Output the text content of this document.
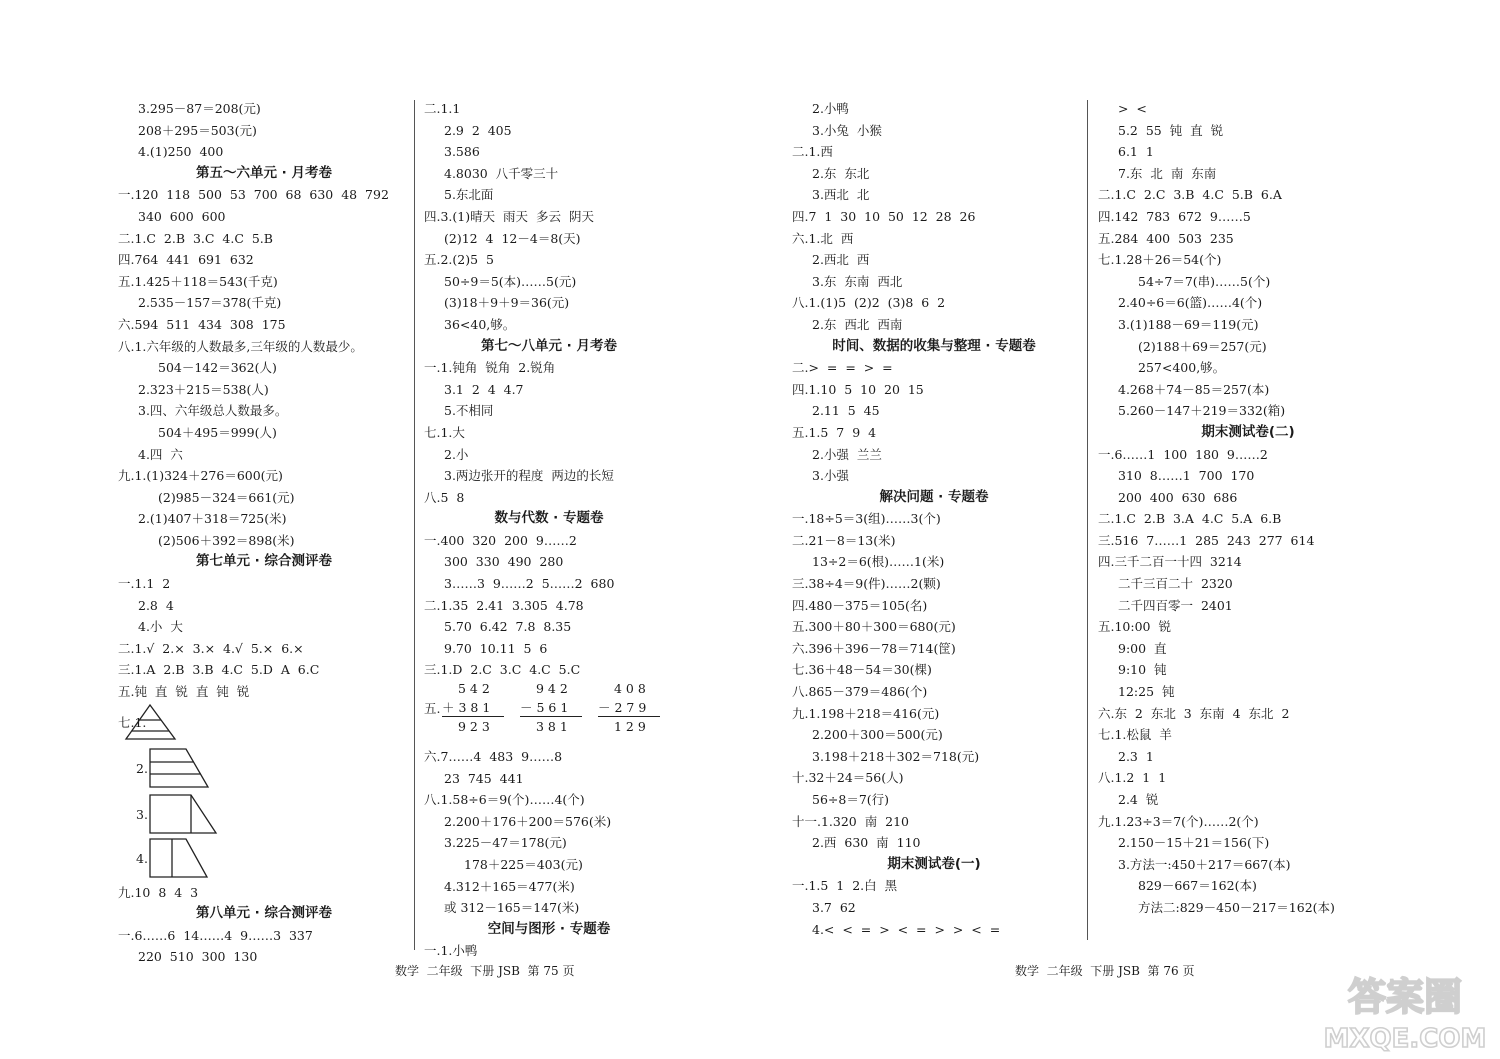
3.295－87＝208(元)
208＋295＝503(元)
4.(1)250  400
第五～六单元 · 月考卷
一.120  118  500  53  700  68  630  48  792
340  600  600
二.1.C  2.B  3.C  4.C  5.B
四.764  441  691  632
五.1.425＋118＝543(千克)
2.535－157＝378(千克)
六.594  511  434  308  175
八.1.六年级的人数最多,三年级的人数最少。
504－142＝362(人)
2.323＋215＝538(人)
3.四、六年级总人数最多。
504＋495＝999(人)
4.四  六
九.1.(1)324＋276＝600(元)
(2)985－324＝661(元)
2.(1)407＋318＝725(米)
(2)506＋392＝898(米)
第七单元 · 综合测评卷
一.1.1  2
2.8  4
4.小  大
二.1.√  2.×  3.×  4.√  5.×  6.×
三.1.A  2.B  3.B  4.C  5.D  A  6.C
五.钝  直  锐  直  钝  锐
七.1.
2.
3.
4.
九.10  8  4  3
第八单元 · 综合测评卷
一.6……6  14……4  9……3  337
220  510  300  130
二.1.1
2.9  2  405
3.586
4.8030  八千零三十
5.东北面
四.3.(1)晴天  雨天  多云  阴天
(2)12  4  12－4＝8(天)
五.2.(2)5  5
50÷9＝5(本)……5(元)
(3)18＋9＋9＝36(元)
36<40,够。
第七～八单元 · 月考卷
一.1.钝角  锐角  2.锐角
3.1  2  4  4.7
5.不相同
七.1.大
2.小
3.两边张开的程度  两边的长短
八.5  8
数与代数 · 专题卷
一.400  320  200  9……2
300  330  490  280
3……3  9……2  5……2  680
二.1.35  2.41  3.305  4.78
5.70  6.42  7.8  8.35
9.70  10.11  5  6
三.1.D  2.C  3.C  4.C  5.C
五.
5 4 2
＋ 3 8 1
9 2 3
9 4 2
－ 5 6 1
3 8 1
4 0 8
－ 2 7 9
1 2 9
六.7……4  483  9……8
23  745  441
八.1.58÷6＝9(个)……4(个)
2.200＋176＋200＝576(米)
3.225－47＝178(元)
178＋225＝403(元)
4.312＋165＝477(米)
或 312－165＝147(米)
空间与图形 · 专题卷
一.1.小鸭
2.小鸭
3.小兔  小猴
二.1.西
2.东  东北
3.西北  北
四.7  1  30  10  50  12  28  26
六.1.北  西
2.西北  西
3.东  东南  西北
八.1.(1)5  (2)2  (3)8  6  2
2.东  西北  西南
时间、数据的收集与整理 · 专题卷
二.>  =  =  >  =
四.1.10  5  10  20  15
2.11  5  45
五.1.5  7  9  4
2.小强  兰兰
3.小强
解决问题 · 专题卷
一.18÷5＝3(组)……3(个)
二.21－8＝13(米)
13÷2＝6(根)……1(米)
三.38÷4＝9(件)……2(颗)
四.480－375＝105(名)
五.300＋80＋300＝680(元)
六.396＋396－78＝714(筐)
七.36＋48－54＝30(棵)
八.865－379＝486(个)
九.1.198＋218＝416(元)
2.200＋300＝500(元)
3.198＋218＋302＝718(元)
十.32＋24＝56(人)
56÷8＝7(行)
十一.1.320  南  210
2.西  630  南  110
期末测试卷(一)
一.1.5  1  2.白  黑
3.7  62
4.<  <  =  >  <  =  >  >  <  =
>  <
5.2  55  钝  直  锐
6.1  1
7.东  北  南  东南
二.1.C  2.C  3.B  4.C  5.B  6.A
四.142  783  672  9……5
五.284  400  503  235
七.1.28＋26＝54(个)
54÷7＝7(串)……5(个)
2.40÷6＝6(篮)……4(个)
3.(1)188－69＝119(元)
(2)188＋69＝257(元)
257<400,够。
4.268＋74－85＝257(本)
5.260－147＋219＝332(箱)
期末测试卷(二)
一.6……1  100  180  9……2
310  8……1  700  170
200  400  630  686
二.1.C  2.B  3.A  4.C  5.A  6.B
三.516  7……1  285  243  277  614
四.三千二百一十四  3214
二千三百二十  2320
二千四百零一  2401
五.10:00  锐
9:00  直
9:10  钝
12:25  钝
六.东  2  东北  3  东南  4  东北  2
七.1.松鼠  羊
2.3  1
八.1.2  1  1
2.4  锐
九.1.23÷3＝7(个)……2(个)
2.150－15＋21＝156(下)
3.方法一:450＋217＝667(本)
829－667＝162(本)
方法二:829－450－217＝162(本)
数学  二年级  下册 JSB  第 75 页	数学  二年级  下册 JSB  第 76 页
答案圈
MXQE.COM
